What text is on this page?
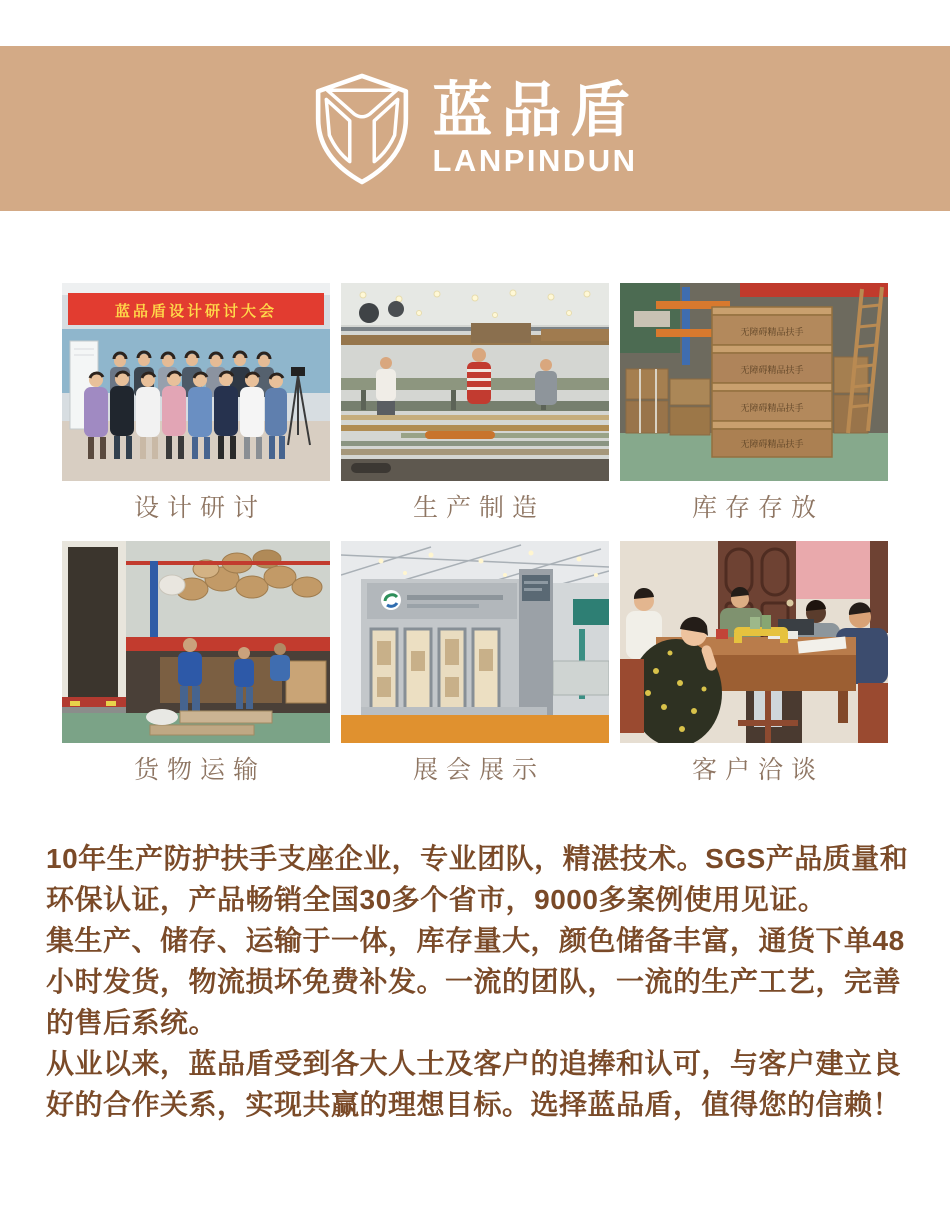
蓝品盾
LANPINDUN
蓝品盾设计研讨大会
设计研讨	生产制造
无障碍精品扶手
无障碍精品扶手
无障碍精品扶手
无障碍精品扶手
库存存放
货物运输	展会展示	客户洽谈
10年生产防护扶手支座企业，专业团队，精湛技术。SGS产品质量和
环保认证，产品畅销全国30多个省市，9000多案例使用见证。
集生产、储存、运输于一体，库存量大，颜色储备丰富，通货下单48
小时发货，物流损坏免费补发。一流的团队，一流的生产工艺，完善
的售后系统。
从业以来，蓝品盾受到各大人士及客户的追捧和认可，与客户建立良
好的合作关系，实现共赢的理想目标。选择蓝品盾，值得您的信赖！
